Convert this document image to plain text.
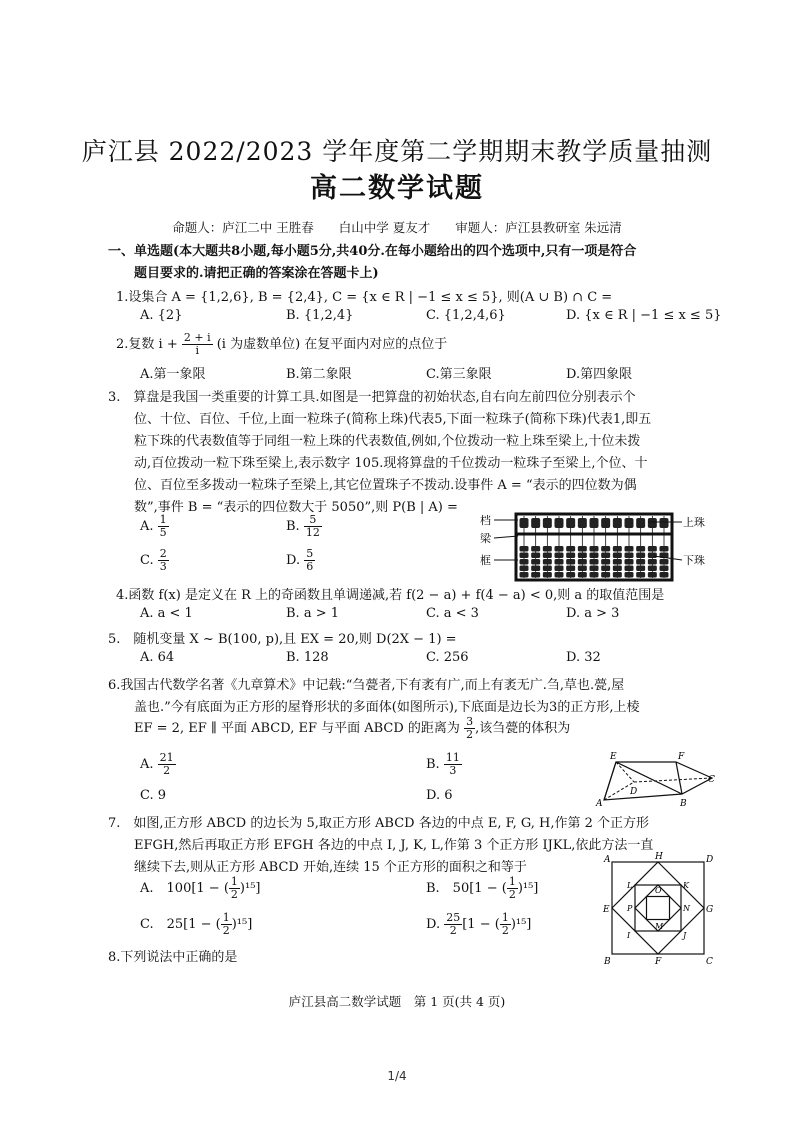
庐江县 2022/2023 学年度第二学期期末教学质量抽测
高二数学试题
命题人：庐江二中 王胜春　　白山中学 夏友才　　审题人：庐江县教研室 朱远清
一、单选题(本大题共8小题,每小题5分,共40分.在每小题给出的四个选项中,只有一项是符合
题目要求的.请把正确的答案涂在答题卡上)
1.设集合 A = {1,2,6}, B = {2,4}, C = {x ∈ R | −1 ≤ x ≤ 5}, 则(A ∪ B) ∩ C =
A. {2}	B. {1,2,4}	C. {1,2,4,6}	D. {x ∈ R | −1 ≤ x ≤ 5}
2.复数 $i + \frac{2 + i}{i} (i$ 为虚数单位) 在复平面内对应的点位于
A.第一象限	B.第二象限	C.第三象限	D.第四象限
3.　算盘是我国一类重要的计算工具.如图是一把算盘的初始状态,自右向左前四位分别表示个
位、十位、百位、千位,上面一粒珠子(简称上珠)代表5,下面一粒珠子(简称下珠)代表1,即五
粒下珠的代表数值等于同组一粒上珠的代表数值,例如,个位拨动一粒上珠至梁上,十位未拨
动,百位拨动一粒下珠至梁上,表示数字 105.现将算盘的千位拨动一粒珠子至梁上,个位、十
位、百位至多拨动一粒珠子至梁上,其它位置珠子不拨动.设事件 A = “表示的四位数为偶
数”,事件 B = “表示的四位数大于 5050”,则 P(B | A) =
A. $\frac{1}{5}$	B. $\frac{5}{12}$
C. $\frac{2}{3}$	D. $\frac{5}{6}$
档
梁
框
上珠
下珠
4.函数 f(x) 是定义在 R 上的奇函数且单调递减,若 f(2 − a) + f(4 − a) < 0,则 a 的取值范围是
A. a < 1	B. a > 1	C. a < 3	D. a > 3
5.　随机变量 X ~ B(100, p),且 EX = 20,则 D(2X − 1) =
A. 64	B. 128	C. 256	D. 32
6.我国古代数学名著《九章算术》中记载:“刍甍者,下有袤有广,而上有袤无广.刍,草也.甍,屋
盖也.”今有底面为正方形的屋脊形状的多面体(如图所示),下底面是边长为3的正方形,上棱
EF = 2, EF ∥ 平面 ABCD, EF 与平面 ABCD 的距离为 $\frac{3}{2}$ ,该刍甍的体积为
A. $\frac{21}{2}$	B. $\frac{11}{3}$
C. 9	D. 6
E	F
A	B
C
D
7.　如图,正方形 ABCD 的边长为 5,取正方形 ABCD 各边的中点 E, F, G, H,作第 2 个正方形
EFGH,然后再取正方形 EFGH 各边的中点 I, J, K, L,作第 3 个正方形 IJKL,依此方法一直
继续下去,则从正方形 ABCD 开始,连续 15 个正方形的面积之和等于
A.　100[1 − ( $\frac{1}{2} )^{15}$]	B.　50[1 − ( $\frac{1}{2} )^{15}$]
C.　25[1 − ( $\frac{1}{2} )^{15}$]	D. $\frac{25}{2} [1$ − ( $\frac{1}{2} )^{15}$]
A	H	D
E	G
B	F	C
L
O
K
P	N
I
M
J
8.下列说法中正确的是
庐江县高二数学试题　第 1 页(共 4 页)
1/4
